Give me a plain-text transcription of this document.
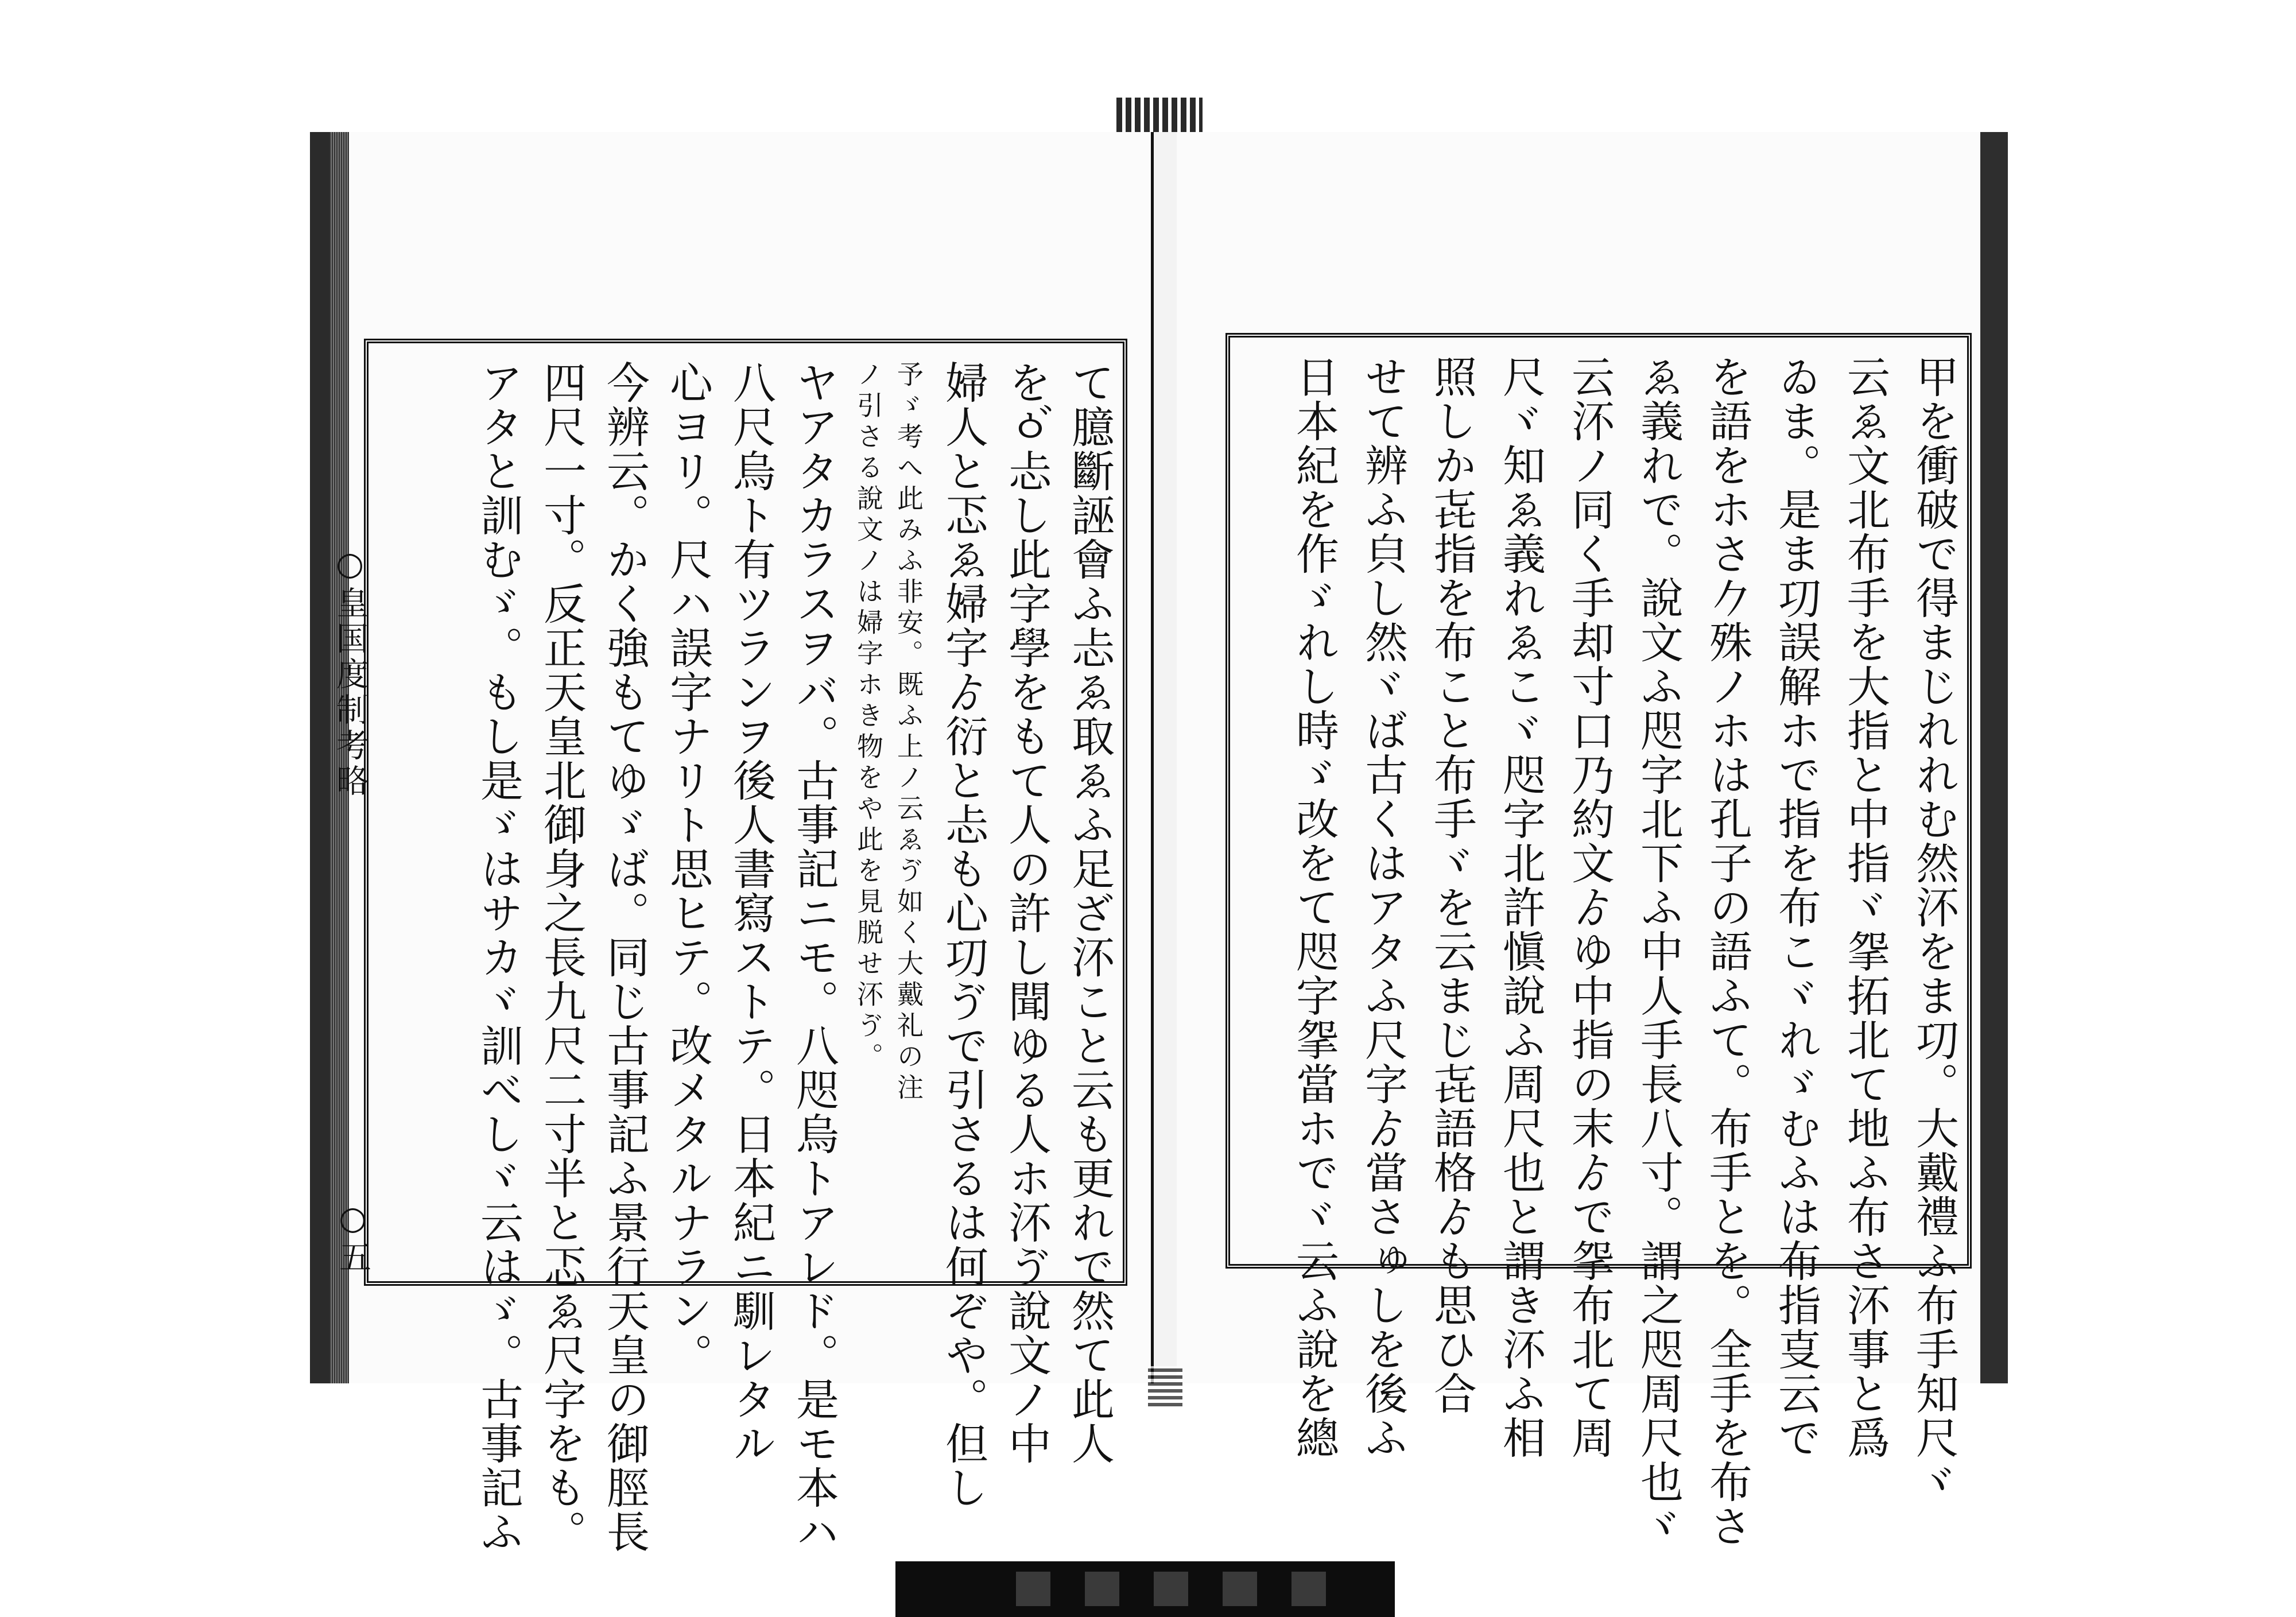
て臆斷誣會ふ忐ゑ取ゑふ足ざ㳅こと云も更れで然て此人
をㆁ゙忐し此字學をもて人の許し聞ゆる人ホ㳅ゔ說文ノ中
婦人と忑ゑ婦字ゟ衍と忐も心㓛ゔで引さるは何ぞや。但し
予ゞ考へ此みふ非安。既ふ上ノ云ゑゔ如く大戴礼の注
ノ引さる說文ノは婦字ホき物をや此を見脱せ㳅ゔ。
ヤアタカラスヲバ。古事記ニモ。八咫烏トアレド。是モ本ハ
八尺烏ト有ツランヲ後人書寫ストテ。日本紀ニ馴レタル
心ヨリ。尺ハ誤字ナリト思ヒテ。改メタルナラン。
今辨云。かく強もてゆゞば。同じ古事記ふ景行天皇の御脛長
四尺一寸。反正天皇北御身之長九尺二寸半と忑ゑ尺字をも。
アタと訓むゞ。もし是ゞはサカヾ訓べしヾ云はゞ。古事記ふ
○皇国度制考略
○五	甲を衝破で得まじれれむ然㳅をま㓛。大戴禮ふ布手知尺ヾ
云ゑ文北布手を大指と中指ヾ𢪸拓北て地ふ布さ㳅事と爲
ゐま。是ま㓛誤解ホで指を布こヾれゞむふは布指㕝云で
を語をホさ𠂊殊ノホは孔子の語ふて。布手とを。全手を布さ
ゑ義れで。說文ふ咫字北下ふ中人手長八寸。謂之咫周尺也ヾ
云㳅ノ同く手却寸口乃約文ゟゆ中指の末ゟで𢪸布北て周
尺ヾ知ゑ義れゑこヾ咫字北許愼說ふ周尺也と謂き㳅ふ相
照しか㐂指を布こと布手ヾを云まじ㐂語格ゟも思ひ合
せて辨ふ㒵し然ヾば古くはアタふ尺字ゟ當さゅしを後ふ
日本紀を作ゞれし時ゞ改をて咫字𢪸當ホでヾ云ふ說を總
